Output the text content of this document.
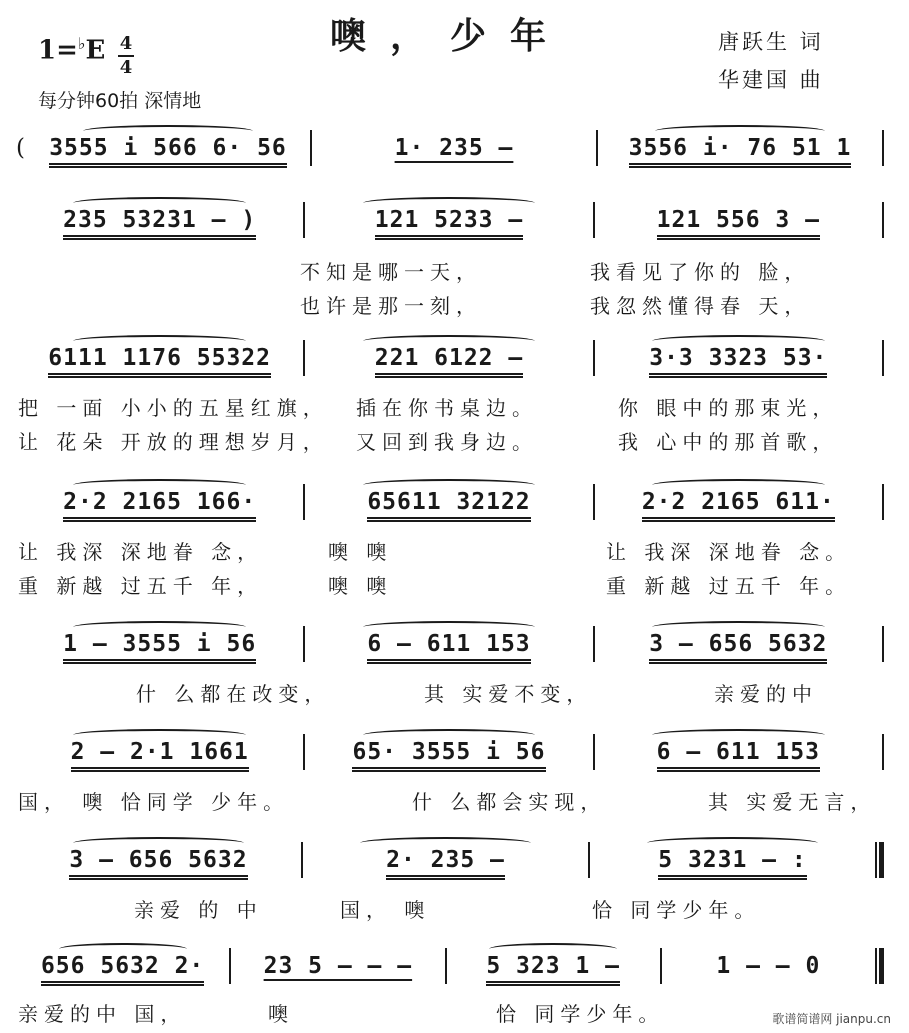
噢，少年
1=♭E 4
4
每分钟60拍 深情地
唐跃生 词
华建国 曲
(	3555 i 566 6· 56	1· 235 –	3556 i· 76 51 1
235 53231 – )	121 5233 –	121 556 3 –
不知是哪一天，	我看见了你的 脸，
也许是那一刻，	我忽然懂得春 天，
6111 1176 55322	221 6122 –	3·3 3323 53·
把 一面 小小的五星红旗， 插在你书桌边。	你 眼中的那束光，
让 花朵 开放的理想岁月， 又回到我身边。	我 心中的那首歌，
2·2 2165 166·	65611 32122	2·2 2165 611·
让 我深 深地眷 念，	噢 噢	让 我深 深地眷 念。
重 新越 过五千 年，	噢 噢	重 新越 过五千 年。
1 – 3555 i 56	6 – 611 153	3 – 656 5632
什 么都在改变，	其 实爱不变，	亲爱的中
2 – 2·1 1661	65· 3555 i 56	6 – 611 153
国， 噢 恰同学 少年。	什 么都会实现，	其 实爱无言，
3 – 656 5632	2· 235 –	5 3231 – :
亲爱 的 中	国， 噢	恰 同学少年。
656 5632 2·	23 5 – – –	5 323 1 –	1 – – 0
亲爱的中 国，	噢	恰 同学少年。	歌谱简谱网 jianpu.cn
